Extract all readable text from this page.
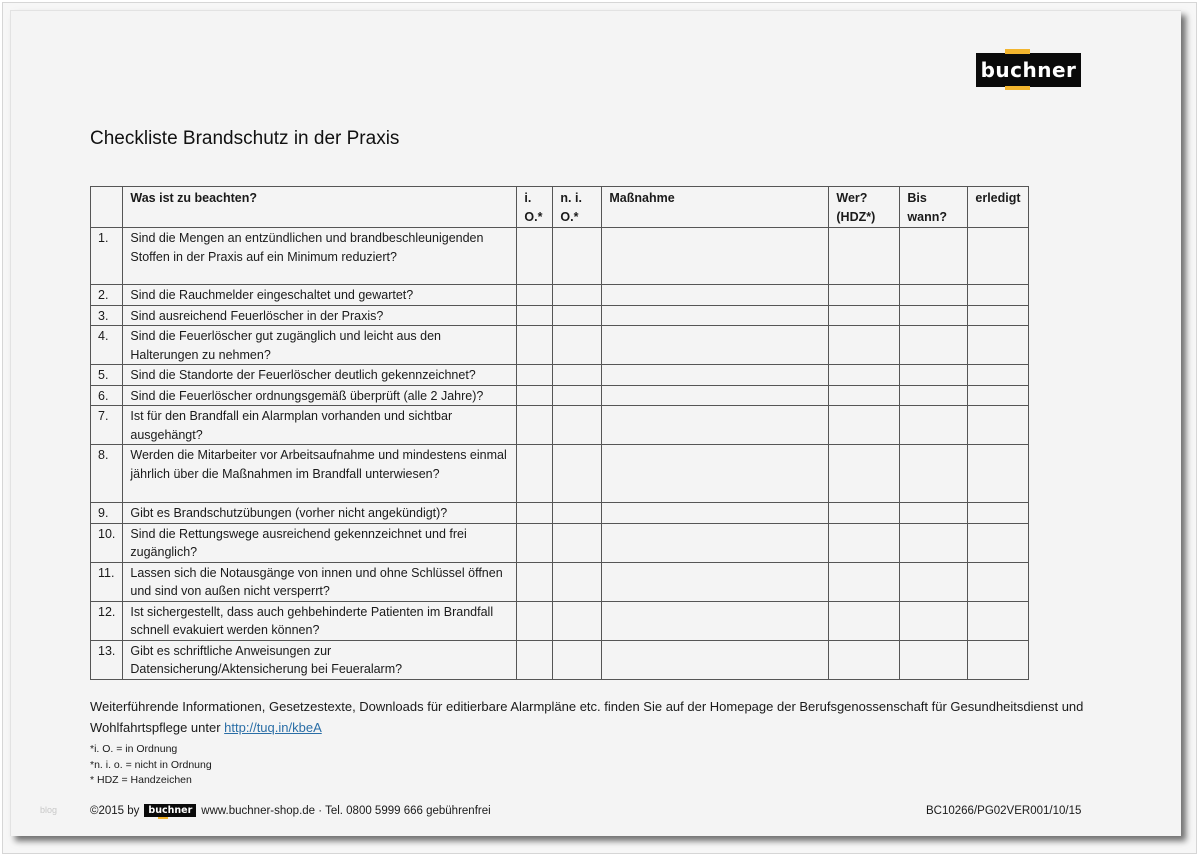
buchner
Checkliste Brandschutz in der Praxis
	Was ist zu beachten?	i. O.*	n. i. O.*	Maßnahme	Wer? (HDZ*)	Bis wann?	erledigt
1.	Sind die Mengen an entzündlichen und brandbeschleunigenden Stoffen in der Praxis auf ein Minimum reduziert?						
2.	Sind die Rauchmelder eingeschaltet und gewartet?						
3.	Sind ausreichend Feuerlöscher in der Praxis?						
4.	Sind die Feuerlöscher gut zugänglich und leicht aus den Halterungen zu nehmen?						
5.	Sind die Standorte der Feuerlöscher deutlich gekennzeichnet?						
6.	Sind die Feuerlöscher ordnungsgemäß überprüft (alle 2 Jahre)?						
7.	Ist für den Brandfall ein Alarmplan vorhanden und sichtbar ausgehängt?						
8.	Werden die Mitarbeiter vor Arbeitsaufnahme und mindestens einmal jährlich über die Maßnahmen im Brandfall unterwiesen?						
9.	Gibt es Brandschutzübungen (vorher nicht angekündigt)?						
10.	Sind die Rettungswege ausreichend gekennzeichnet und frei zugänglich?						
11.	Lassen sich die Notausgänge von innen und ohne Schlüssel öffnen und sind von außen nicht versperrt?						
12.	Ist sichergestellt, dass auch gehbehinderte Patienten im Brandfall schnell evakuiert werden können?						
13.	Gibt es schriftliche Anweisungen zur Datensicherung/Aktensicherung bei Feueralarm?						
Weiterführende Informationen, Gesetzestexte, Downloads für editierbare Alarmpläne etc. finden Sie auf der Homepage der Berufsgenossenschaft für Gesundheitsdienst und Wohlfahrtspflege unter http://tuq.in/kbeA
*i. O. = in Ordnung
*n. i. o. = nicht in Ordnung
* HDZ = Handzeichen
blog	©2015 by buchner www.buchner-shop.de · Tel. 0800 5999 666 gebührenfrei	BC10266/PG02VER001/10/15
